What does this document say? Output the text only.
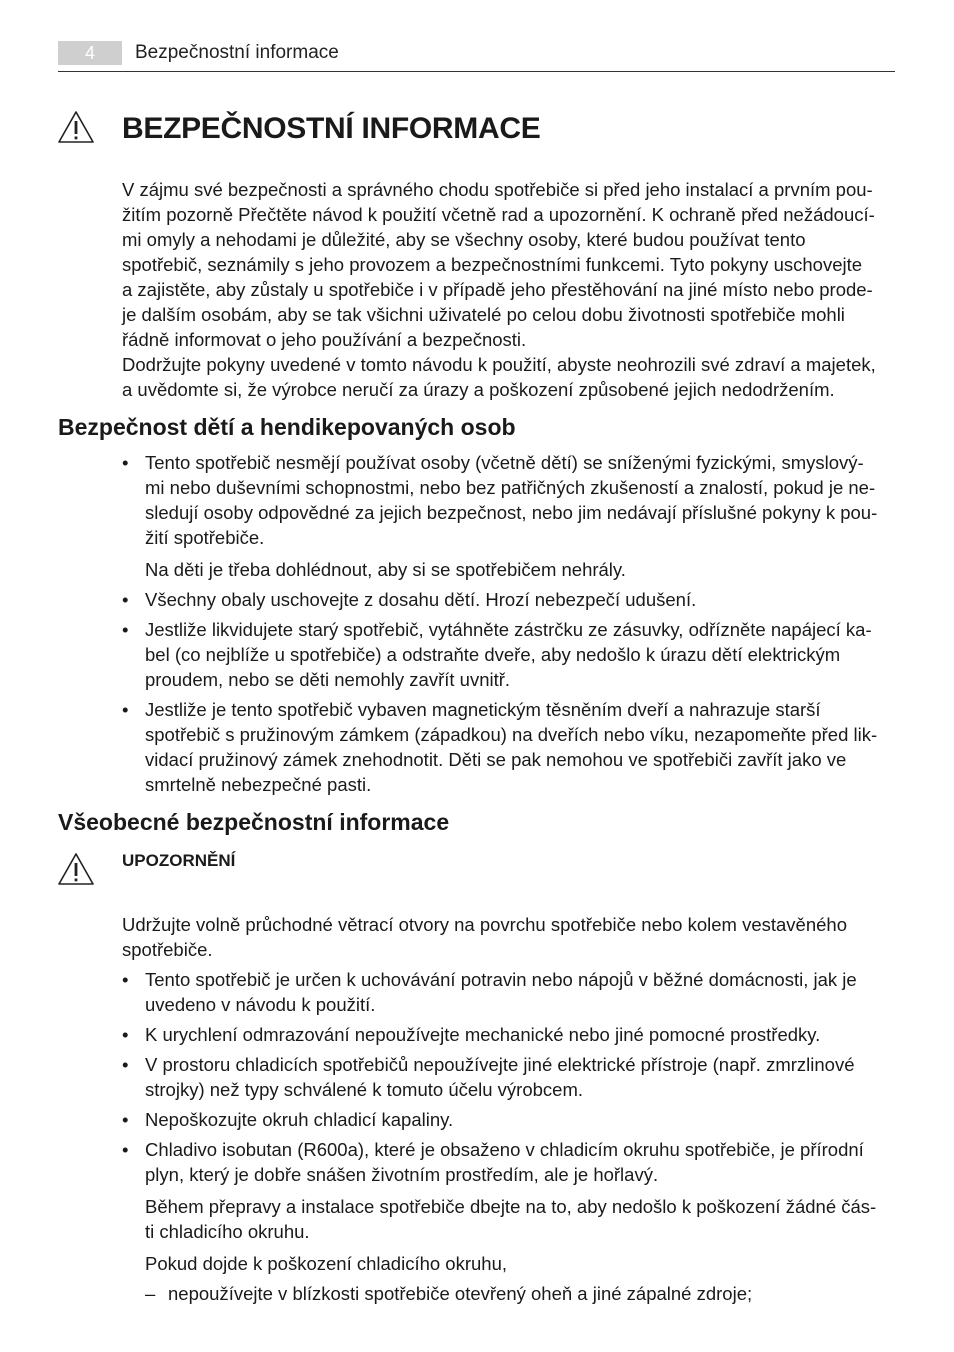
4	Bezpečnostní informace
BEZPEČNOSTNÍ INFORMACE
V zájmu své bezpečnosti a správného chodu spotřebiče si před jeho instalací a prvním pou-
žitím pozorně Přečtěte návod k použití včetně rad a upozornění. K ochraně před nežádoucí-
mi omyly a nehodami je důležité, aby se všechny osoby, které budou používat tento
spotřebič, seznámily s jeho provozem a bezpečnostními funkcemi. Tyto pokyny uschovejte
a zajistěte, aby zůstaly u spotřebiče i v případě jeho přestěhování na jiné místo nebo prode-
je dalším osobám, aby se tak všichni uživatelé po celou dobu životnosti spotřebiče mohli
řádně informovat o jeho používání a bezpečnosti.
Dodržujte pokyny uvedené v tomto návodu k použití, abyste neohrozili své zdraví a majetek,
a uvědomte si, že výrobce neručí za úrazy a poškození způsobené jejich nedodržením.
Bezpečnost dětí a hendikepovaných osob
• Tento spotřebič nesmějí používat osoby (včetně dětí) se sníženými fyzickými, smyslový-
mi nebo duševními schopnostmi, nebo bez patřičných zkušeností a znalostí, pokud je ne-
sledují osoby odpovědné za jejich bezpečnost, nebo jim nedávají příslušné pokyny k pou-
žití spotřebiče.
Na děti je třeba dohlédnout, aby si se spotřebičem nehrály.
• Všechny obaly uschovejte z dosahu dětí. Hrozí nebezpečí udušení.
• Jestliže likvidujete starý spotřebič, vytáhněte zástrčku ze zásuvky, odřízněte napájecí ka-
bel (co nejblíže u spotřebiče) a odstraňte dveře, aby nedošlo k úrazu dětí elektrickým
proudem, nebo se děti nemohly zavřít uvnitř.
• Jestliže je tento spotřebič vybaven magnetickým těsněním dveří a nahrazuje starší
spotřebič s pružinovým zámkem (západkou) na dveřích nebo víku, nezapomeňte před lik-
vidací pružinový zámek znehodnotit. Děti se pak nemohou ve spotřebiči zavřít jako ve
smrtelně nebezpečné pasti.
Všeobecné bezpečnostní informace
UPOZORNĚNÍ
Udržujte volně průchodné větrací otvory na povrchu spotřebiče nebo kolem vestavěného
spotřebiče.
• Tento spotřebič je určen k uchovávání potravin nebo nápojů v běžné domácnosti, jak je
uvedeno v návodu k použití.
• K urychlení odmrazování nepoužívejte mechanické nebo jiné pomocné prostředky.
• V prostoru chladicích spotřebičů nepoužívejte jiné elektrické přístroje (např. zmrzlinové
strojky) než typy schválené k tomuto účelu výrobcem.
• Nepoškozujte okruh chladicí kapaliny.
• Chladivo isobutan (R600a), které je obsaženo v chladicím okruhu spotřebiče, je přírodní
plyn, který je dobře snášen životním prostředím, ale je hořlavý.
Během přepravy a instalace spotřebiče dbejte na to, aby nedošlo k poškození žádné čás-
ti chladicího okruhu.
Pokud dojde k poškození chladicího okruhu,
– nepoužívejte v blízkosti spotřebiče otevřený oheň a jiné zápalné zdroje;
